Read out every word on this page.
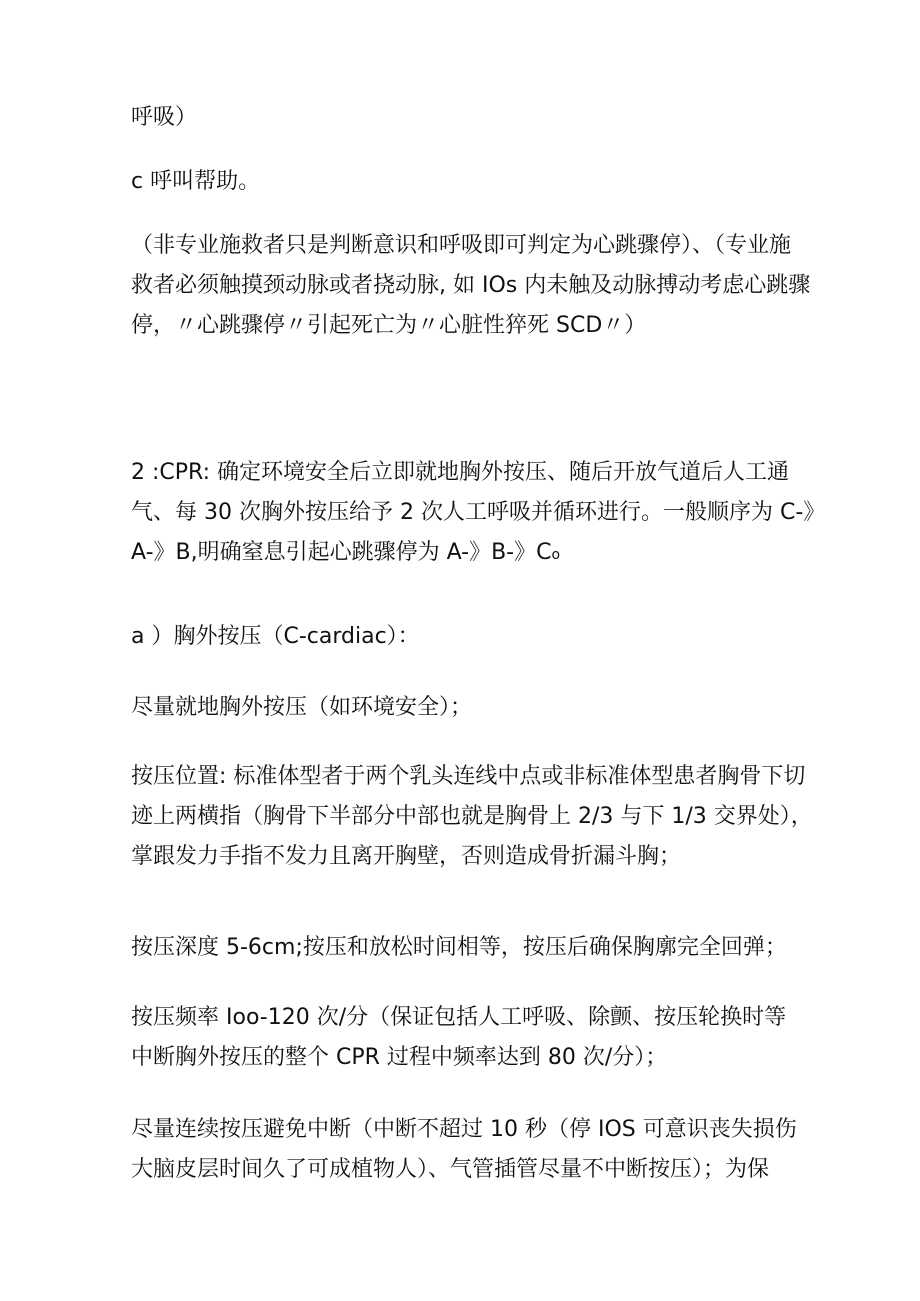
呼吸）

c 呼叫帮助。

（非专业施救者只是判断意识和呼吸即可判定为心跳骤停）、（专业施
救者必须触摸颈动脉或者挠动脉, 如 IOs 内未触及动脉搏动考虑心跳骤
停，〃心跳骤停〃引起死亡为〃心脏性猝死 SCD〃）

2 :CPR: 确定环境安全后立即就地胸外按压、随后开放气道后人工通
气、每 30 次胸外按压给予 2 次人工呼吸并循环进行。一般顺序为 C-》
A-》B,明确窒息引起心跳骤停为 A-》B-》Co

a ）胸外按压（C-cardiac）：

尽量就地胸外按压（如环境安全）；

按压位置: 标准体型者于两个乳头连线中点或非标准体型患者胸骨下切
迹上两横指（胸骨下半部分中部也就是胸骨上 2/3 与下 1/3 交界处），
掌跟发力手指不发力且离开胸壁，否则造成骨折漏斗胸；

按压深度 5-6cm;按压和放松时间相等，按压后确保胸廓完全回弹；

按压频率 Ioo-120 次/分（保证包括人工呼吸、除颤、按压轮换时等
中断胸外按压的整个 CPR 过程中频率达到 80 次/分）；

尽量连续按压避免中断（中断不超过 10 秒（停 IOS 可意识丧失损伤
大脑皮层时间久了可成植物人）、气管插管尽量不中断按压）；为保
